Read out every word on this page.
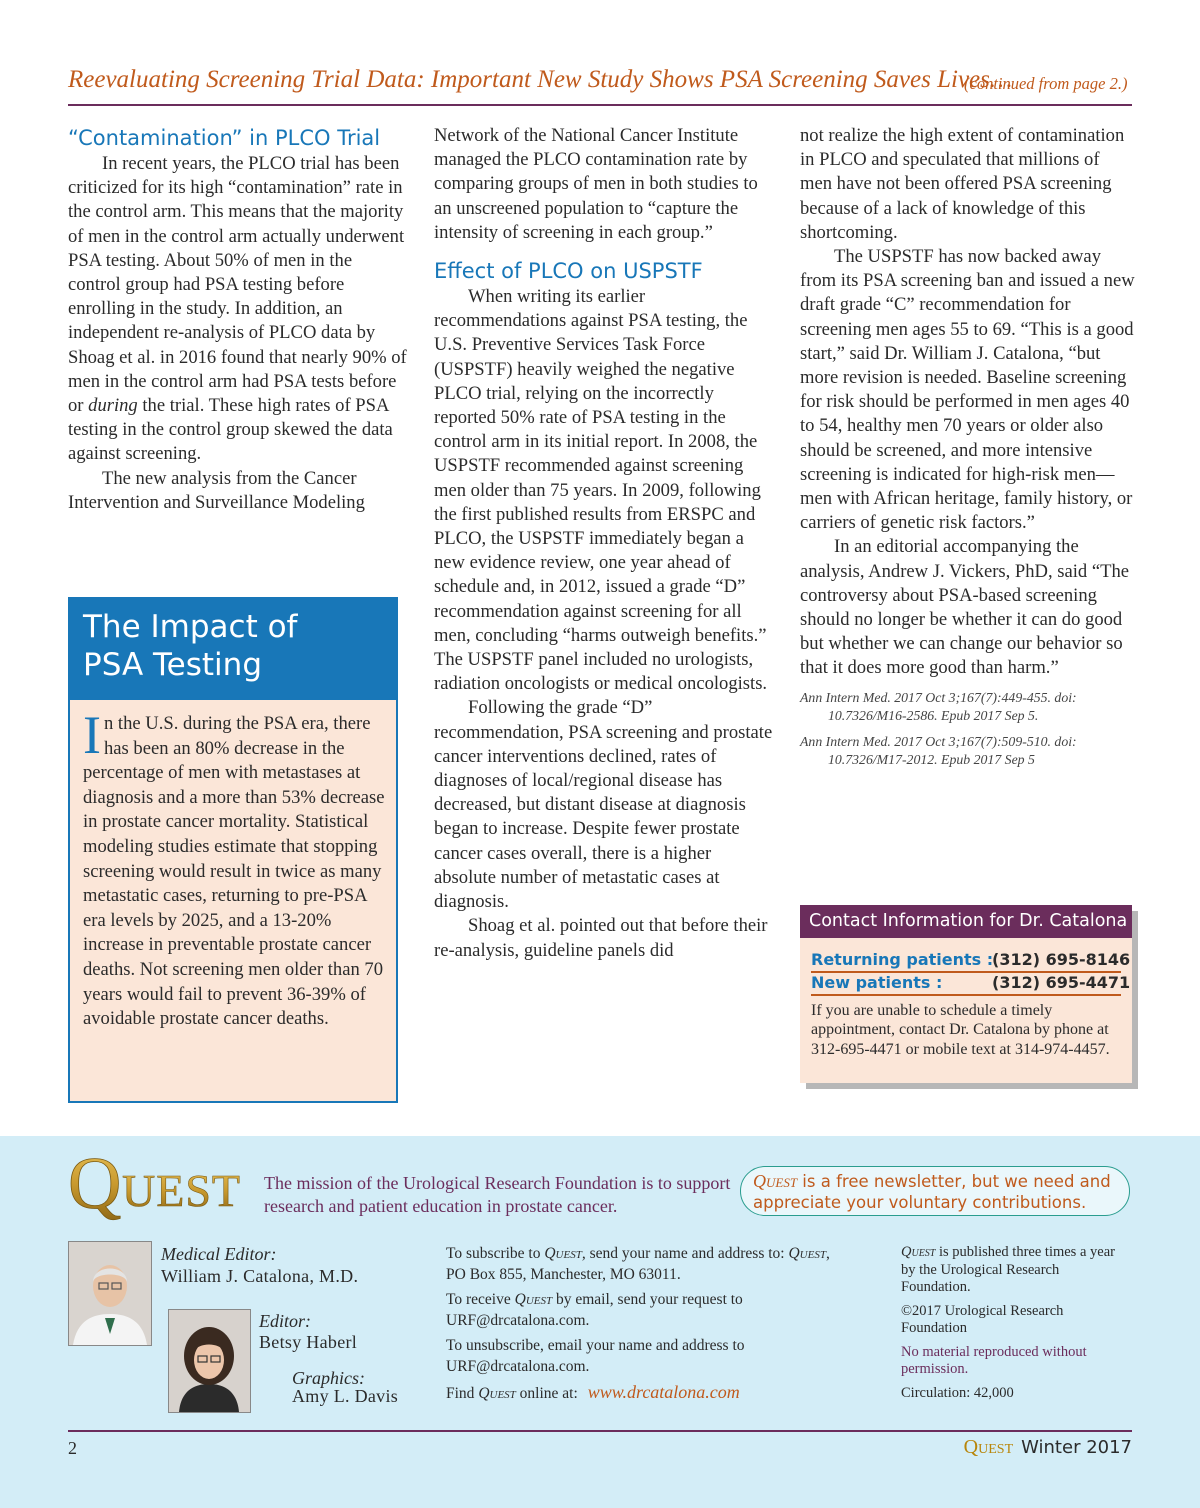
Reevaluating Screening Trial Data: Important New Study Shows PSA Screening Saves Lives…
(continued from page 2.)
“Contamination” in PLCO Trial

In recent years, the PLCO trial has been criticized for its high “contamination” rate in the control arm. This means that the majority of men in the control arm actually underwent PSA testing. About 50% of men in the control group had PSA testing before enrolling in the study. In addition, an independent re-analysis of PLCO data by Shoag et al. in 2016 found that nearly 90% of men in the control arm had PSA tests before or during the trial. These high rates of PSA testing in the control group skewed the data against screening.

The new analysis from the Cancer Intervention and Surveillance Modeling

The Impact of
PSA Testing
In the U.S. during the PSA era, there has been an 80% decrease in the percentage of men with metastases at diagnosis and a more than 53% decrease in prostate cancer mortality. Statistical modeling studies estimate that stopping screening would result in twice as many metastatic cases, returning to pre-PSA era levels by 2025, and a 13-20% increase in preventable prostate cancer deaths. Not screening men older than 70 years would fail to prevent 36-39% of avoidable prostate cancer deaths.

Network of the National Cancer Institute managed the PLCO contamination rate by comparing groups of men in both studies to an unscreened population to “capture the intensity of screening in each group.”

Effect of PLCO on USPSTF

When writing its earlier recommendations against PSA testing, the U.S. Preventive Services Task Force (USPSTF) heavily weighed the negative PLCO trial, relying on the incorrectly reported 50% rate of PSA testing in the control arm in its initial report. In 2008, the USPSTF recommended against screening men older than 75 years. In 2009, following the first published results from ERSPC and PLCO, the USPSTF immediately began a new evidence review, one year ahead of schedule and, in 2012, issued a grade “D” recommendation against screening for all men, concluding “harms outweigh benefits.” The USPSTF panel included no urologists, radiation oncologists or medical oncologists.

Following the grade “D” recommendation, PSA screening and prostate cancer interventions declined, rates of diagnoses of local/regional disease has decreased, but distant disease at diagnosis began to increase. Despite fewer prostate cancer cases overall, there is a higher absolute number of metastatic cases at diagnosis.

Shoag et al. pointed out that before their re-analysis, guideline panels did

not realize the high extent of contamination in PLCO and speculated that millions of men have not been offered PSA screening because of a lack of knowledge of this shortcoming.

The USPSTF has now backed away from its PSA screening ban and issued a new draft grade “C” recommendation for screening men ages 55 to 69. “This is a good start,” said Dr. William J. Catalona, “but more revision is needed. Baseline screening for risk should be performed in men ages 40 to 54, healthy men 70 years or older also should be screened, and more intensive screening is indicated for high-risk men—men with African heritage, family history, or carriers of genetic risk factors.”

In an editorial accompanying the analysis, Andrew J. Vickers, PhD, said “The controversy about PSA-based screening should no longer be whether it can do good but whether we can change our behavior so that it does more good than harm.”

Ann Intern Med. 2017 Oct 3;167(7):449-455. doi: 10.7326/M16-2586. Epub 2017 Sep 5.

Ann Intern Med. 2017 Oct 3;167(7):509-510. doi: 10.7326/M17-2012. Epub 2017 Sep 5

Contact Information for Dr. Catalona
Returning patients :
(312) 695-8146
New patients :	(312) 695-4471
If you are unable to schedule a timely appointment, contact Dr. Catalona by phone at 312-695-4471 or mobile text at 314-974-4457.
Q UEST The mission of the Urological Research Foundation is to support research and patient education in prostate cancer.
Quest is a free newsletter, but we need and appreciate your voluntary contributions.
Medical Editor:
William J. Catalona, M.D.
Editor:
Betsy Haberl
Graphics:
Amy L. Davis

To subscribe to Quest, send your name and address to: Quest, PO Box 855, Manchester, MO 63011.

To receive Quest by email, send your request to URF@drcatalona.com.

To unsubscribe, email your name and address to URF@drcatalona.com.

Find Quest online at: www.drcatalona.com

Quest is published three times a year by the Urological Research Foundation.

©2017 Urological Research Foundation

No material reproduced without permission.

Circulation: 42,000

2	Quest Winter 2017
